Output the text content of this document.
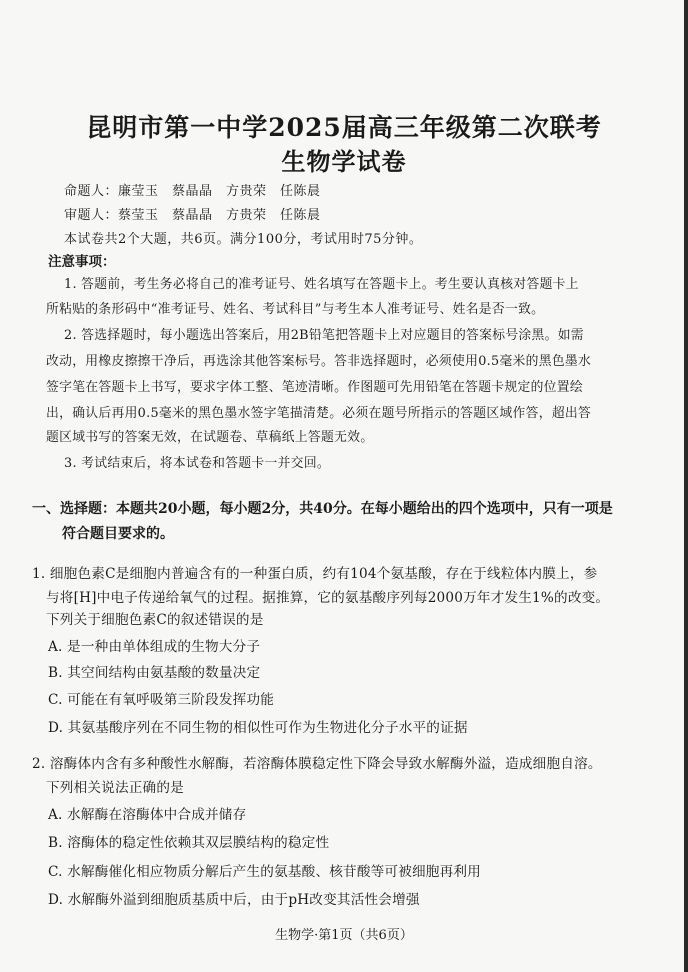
昆明市第一中学2025届高三年级第二次联考
生物学试卷
命题人：廉莹玉　蔡晶晶　方贵荣　任陈晨
审题人：蔡莹玉　蔡晶晶　方贵荣　任陈晨
本试卷共2个大题，共6页。满分100分，考试用时75分钟。
注意事项：
1. 答题前，考生务必将自己的准考证号、姓名填写在答题卡上。考生要认真核对答题卡上
所粘贴的条形码中“准考证号、姓名、考试科目”与考生本人准考证号、姓名是否一致。
2. 答选择题时，每小题选出答案后，用2B铅笔把答题卡上对应题目的答案标号涂黑。如需
改动，用橡皮擦擦干净后，再选涂其他答案标号。答非选择题时，必须使用0.5毫米的黑色墨水
签字笔在答题卡上书写，要求字体工整、笔迹清晰。作图题可先用铅笔在答题卡规定的位置绘
出，确认后再用0.5毫米的黑色墨水签字笔描清楚。必须在题号所指示的答题区域作答，超出答
题区域书写的答案无效，在试题卷、草稿纸上答题无效。
3. 考试结束后，将本试卷和答题卡一并交回。
一、选择题：本题共20小题，每小题2分，共40分。在每小题给出的四个选项中，只有一项是
符合题目要求的。
1. 细胞色素C是细胞内普遍含有的一种蛋白质，约有104个氨基酸，存在于线粒体内膜上，参
与将[H]中电子传递给氧气的过程。据推算，它的氨基酸序列每2000万年才发生1%的改变。
下列关于细胞色素C的叙述错误的是
A. 是一种由单体组成的生物大分子
B. 其空间结构由氨基酸的数量决定
C. 可能在有氧呼吸第三阶段发挥功能
D. 其氨基酸序列在不同生物的相似性可作为生物进化分子水平的证据
2. 溶酶体内含有多种酸性水解酶，若溶酶体膜稳定性下降会导致水解酶外溢，造成细胞自溶。
下列相关说法正确的是
A. 水解酶在溶酶体中合成并储存
B. 溶酶体的稳定性依赖其双层膜结构的稳定性
C. 水解酶催化相应物质分解后产生的氨基酸、核苷酸等可被细胞再利用
D. 水解酶外溢到细胞质基质中后，由于pH改变其活性会增强
生物学·第1页（共6页）
